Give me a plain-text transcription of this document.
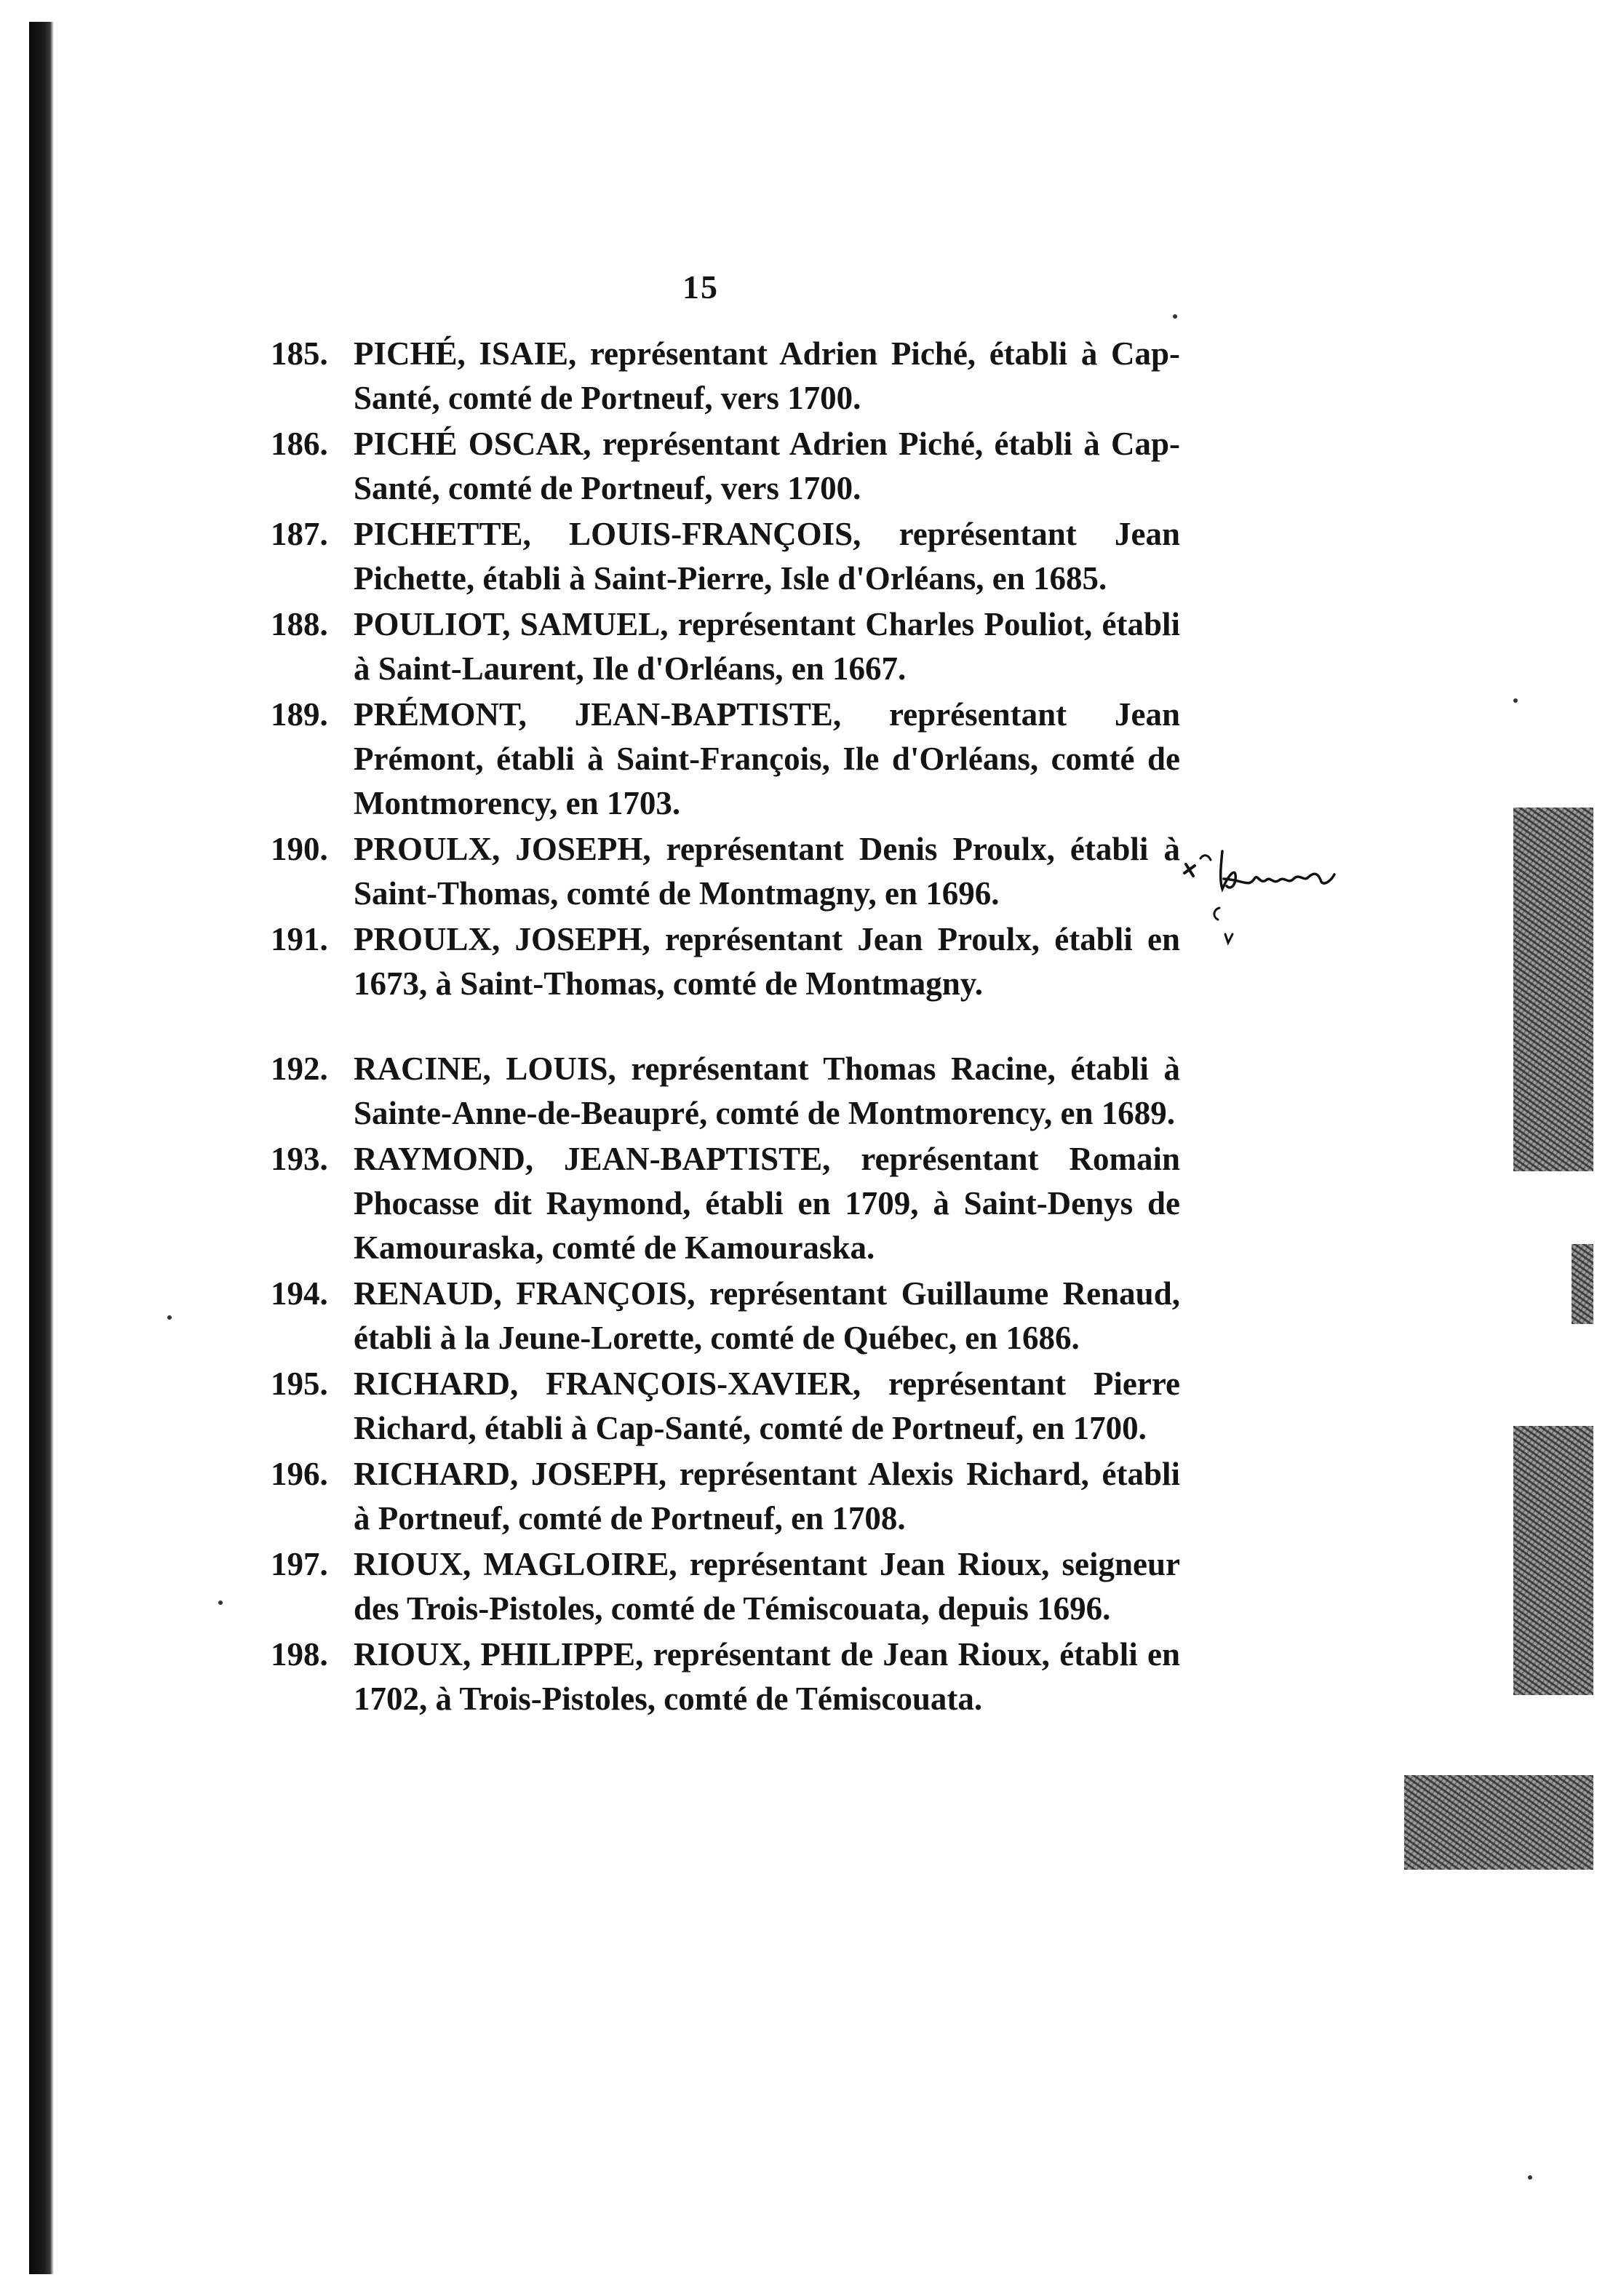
15
185. PICHÉ, ISAIE, représentant Adrien Piché, établi à Cap-Santé, comté de Portneuf, vers 1700.
186. PICHÉ OSCAR, représentant Adrien Piché, établi à Cap-Santé, comté de Portneuf, vers 1700.
187. PICHETTE, LOUIS-FRANÇOIS, représentant Jean Pichette, établi à Saint-Pierre, Isle d'Orléans, en 1685.
188. POULIOT, SAMUEL, représentant Charles Pouliot, établi à Saint-Laurent, Ile d'Orléans, en 1667.
189. PRÉMONT, JEAN-BAPTISTE, représentant Jean Prémont, établi à Saint-François, Ile d'Orléans, comté de Montmorency, en 1703.
190. PROULX, JOSEPH, représentant Denis Proulx, établi à Saint-Thomas, comté de Montmagny, en 1696.
191. PROULX, JOSEPH, représentant Jean Proulx, établi en 1673, à Saint-Thomas, comté de Montmagny.
192. RACINE, LOUIS, représentant Thomas Racine, établi à Sainte-Anne-de-Beaupré, comté de Montmorency, en 1689.
193. RAYMOND, JEAN-BAPTISTE, représentant Romain Phocasse dit Raymond, établi en 1709, à Saint-Denys de Kamouraska, comté de Kamouraska.
194. RENAUD, FRANÇOIS, représentant Guillaume Renaud, établi à la Jeune-Lorette, comté de Québec, en 1686.
195. RICHARD, FRANÇOIS-XAVIER, représentant Pierre Richard, établi à Cap-Santé, comté de Portneuf, en 1700.
196. RICHARD, JOSEPH, représentant Alexis Richard, établi à Portneuf, comté de Portneuf, en 1708.
197. RIOUX, MAGLOIRE, représentant Jean Rioux, seigneur des Trois-Pistoles, comté de Témiscouata, depuis 1696.
198. RIOUX, PHILIPPE, représentant de Jean Rioux, établi en 1702, à Trois-Pistoles, comté de Témiscouata.
